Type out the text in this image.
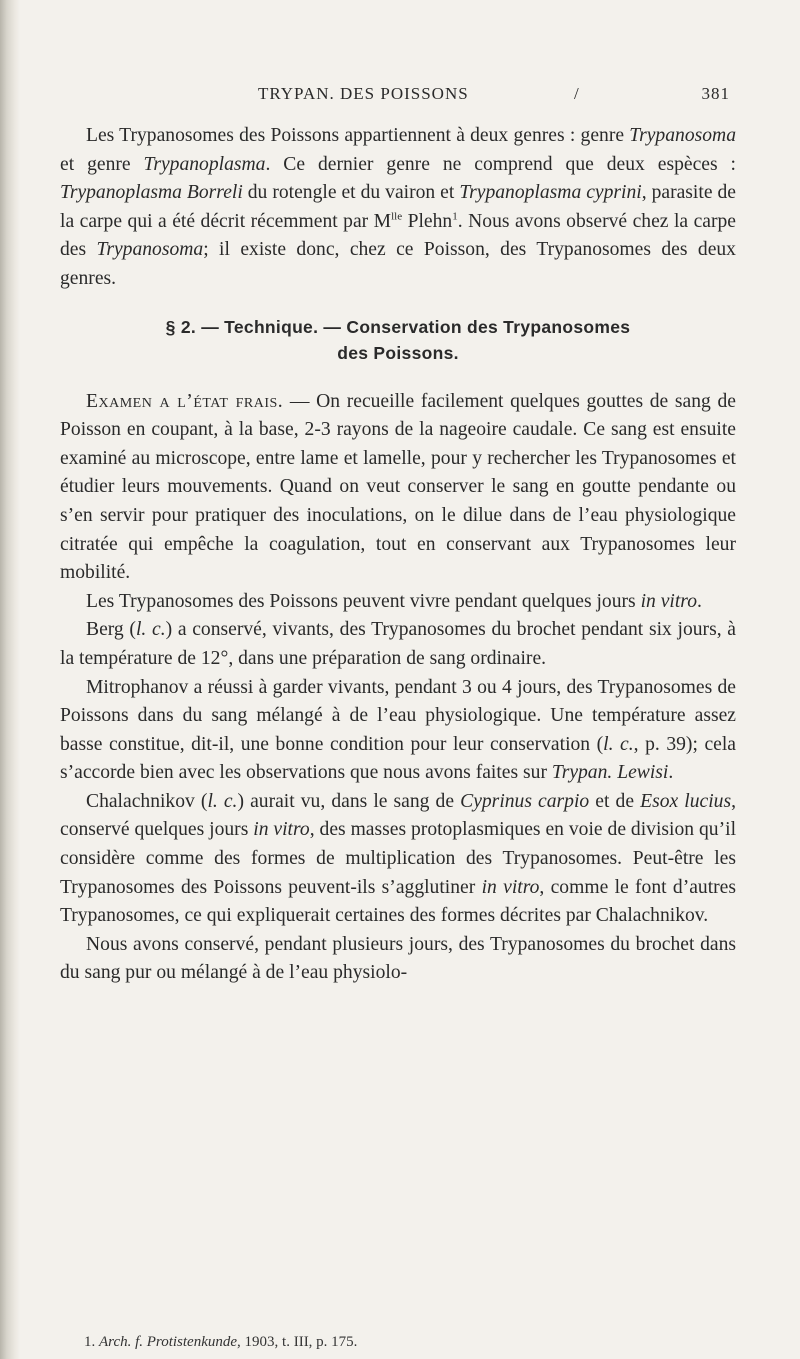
TRYPAN. DES POISSONS	/	381

Les Trypanosomes des Poissons appartiennent à deux genres : genre Trypanosoma et genre Trypanoplasma. Ce dernier genre ne comprend que deux espèces : Trypanoplasma Borreli du rotengle et du vairon et Trypanoplasma cyprini, parasite de la carpe qui a été décrit récemment par $M^{lle}$ Plehn$^1$. Nous avons observé chez la carpe des Trypanosoma; il existe donc, chez ce Poisson, des Trypanosomes des deux genres.

§ 2. — Technique. — Conservation des Trypanosomes
des Poissons.

Examen a l’état frais. — On recueille facilement quelques gouttes de sang de Poisson en coupant, à la base, 2-3 rayons de la nageoire caudale. Ce sang est ensuite examiné au microscope, entre lame et lamelle, pour y rechercher les Trypanosomes et étudier leurs mouvements. Quand on veut conserver le sang en goutte pendante ou s’en servir pour pratiquer des inoculations, on le dilue dans de l’eau physiologique citratée qui empêche la coagulation, tout en conservant aux Trypanosomes leur mobilité.

Les Trypanosomes des Poissons peuvent vivre pendant quelques jours in vitro.

Berg (l. c.) a conservé, vivants, des Trypanosomes du brochet pendant six jours, à la température de 12°, dans une préparation de sang ordinaire.

Mitrophanov a réussi à garder vivants, pendant 3 ou 4 jours, des Trypanosomes de Poissons dans du sang mélangé à de l’eau physiologique. Une température assez basse constitue, dit-il, une bonne condition pour leur conservation (l. c., p. 39); cela s’accorde bien avec les observations que nous avons faites sur Trypan. Lewisi.

Chalachnikov (l. c.) aurait vu, dans le sang de Cyprinus carpio et de Esox lucius, conservé quelques jours in vitro, des masses protoplasmiques en voie de division qu’il considère comme des formes de multiplication des Trypanosomes. Peut-être les Trypanosomes des Poissons peuvent-ils s’agglutiner in vitro, comme le font d’autres Trypanosomes, ce qui expliquerait certaines des formes décrites par Chalachnikov.

Nous avons conservé, pendant plusieurs jours, des Trypanosomes du brochet dans du sang pur ou mélangé à de l’eau physiolo-

1. Arch. f. Protistenkunde, 1903, t. III, p. 175.
